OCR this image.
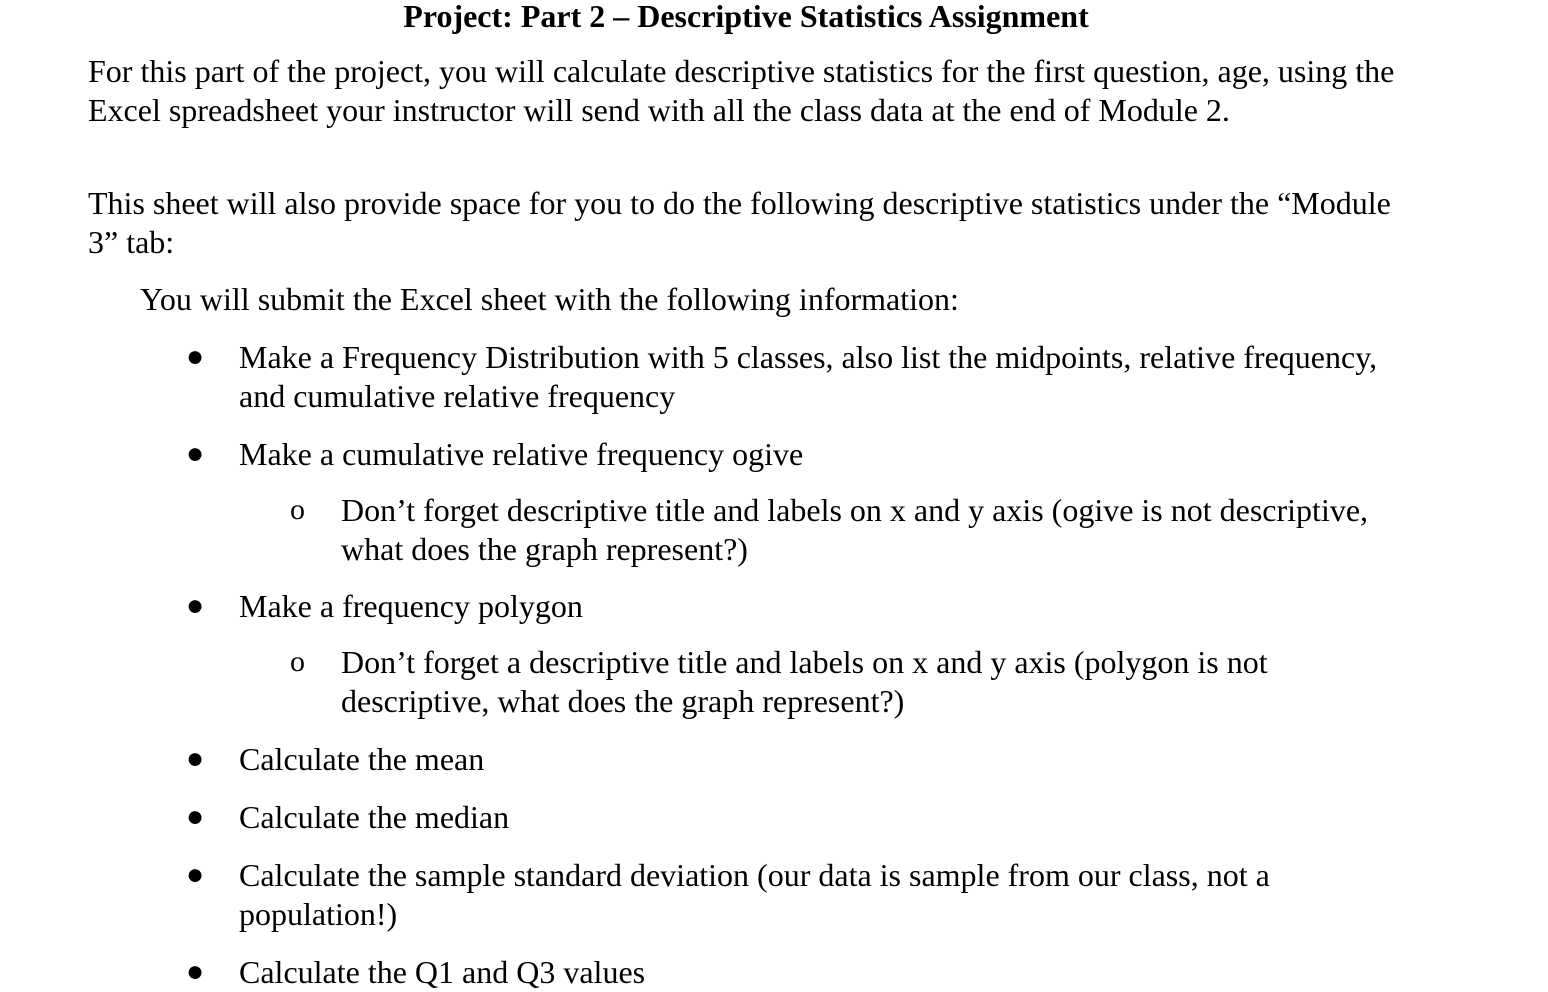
Project: Part 2 – Descriptive Statistics Assignment
For this part of the project, you will calculate descriptive statistics for the first question, age, using the Excel spreadsheet your instructor will send with all the class data at the end of Module 2.
This sheet will also provide space for you to do the following descriptive statistics under the “Module 3” tab:
You will submit the Excel sheet with the following information:
● Make a Frequency Distribution with 5 classes, also list the midpoints, relative frequency, and cumulative relative frequency
● Make a cumulative relative frequency ogive
o Don’t forget descriptive title and labels on x and y axis (ogive is not descriptive, what does the graph represent?)
● Make a frequency polygon
o Don’t forget a descriptive title and labels on x and y axis (polygon is not descriptive, what does the graph represent?)
● Calculate the mean
● Calculate the median
● Calculate the sample standard deviation (our data is sample from our class, not a population!)
● Calculate the Q1 and Q3 values
